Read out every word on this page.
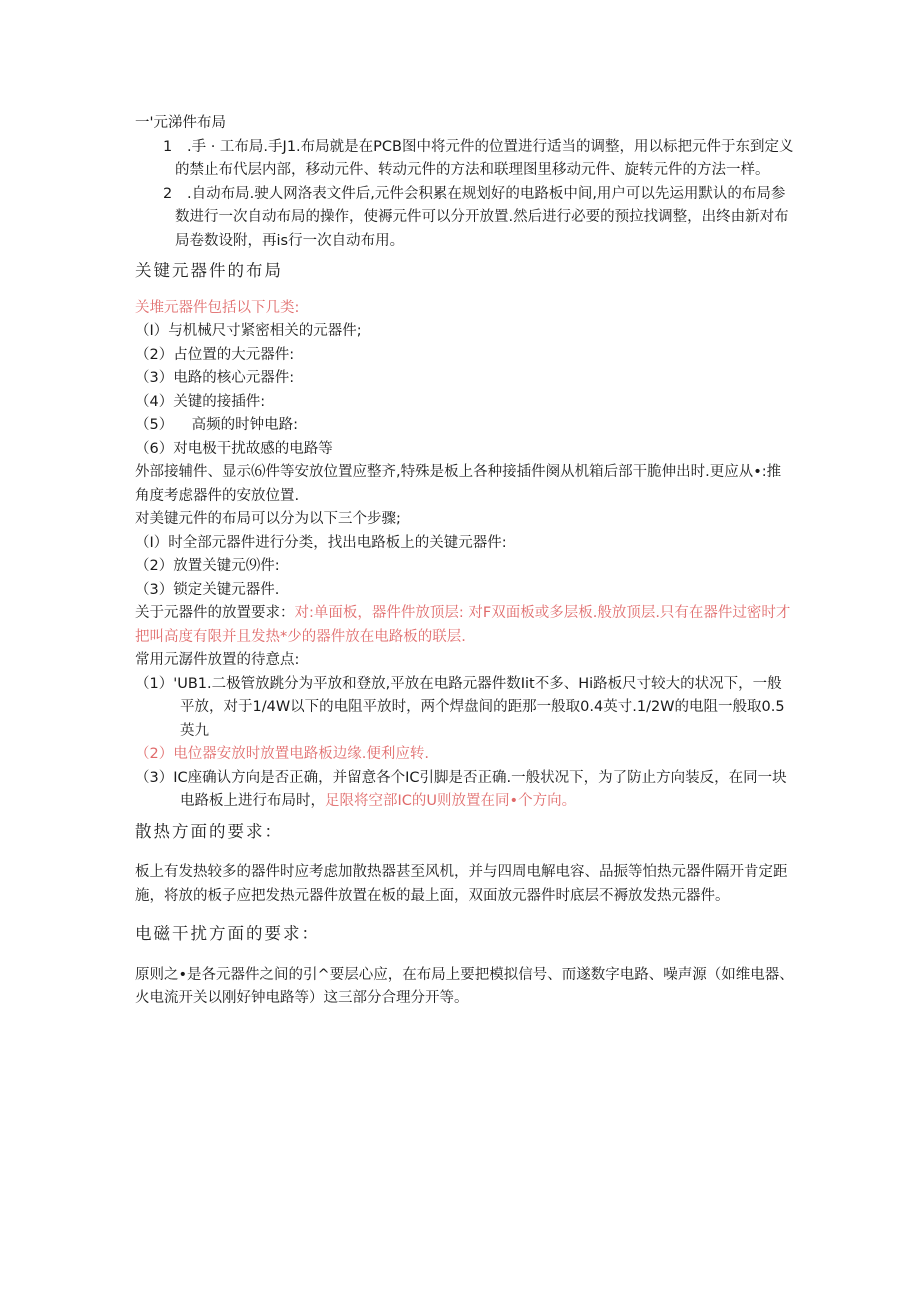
一'元涕件布局

1 .手 · 工布局.手J1.布局就是在PCB图中将元件的位置进行适当的调整，用以标把元件于东到定义的禁止布代层内部，移动元件、转动元件的方法和联理图里移动元件、旋转元件的方法一样。

2 .自动布局.驶人网洛表文件后,元件会积累在规划好的电路板中间,用户可以先运用默认的布局参数进行一次自动布局的操作，使褥元件可以分开放置.然后进行必要的预拉找调整，出终由新对布局卷数设附，再is行一次自动布用。

关键元器件的布局

关堆元器件包括以下几类:

（I）与机械尺寸紧密相关的元器件;

（2）占位置的大元器件:

（3）电路的核心元器件:

（4）关键的接插件:

（5）    高频的时钟电路:

（6）对电极干扰故感的电路等

外部接辅件、显示⑹件等安放位置应整齐,特殊是板上各种接插件阕从机箱后部干脆伸出时.更应从•:推角度考虑器件的安放位置.

对美键元件的布局可以分为以下三个步骤;

（I）时全部元器件进行分类，找出电路板上的关键元器件:

（2）放置关键元⑼件:

（3）锁定关键元器件.

关于元器件的放置要求：对:单面板，器件件放顶层: 对F双面板或多层板.般放顶层.只有在器件过密时才把叫高度有限并且发热*少的器件放在电路板的联层.

常用元潺件放置的待意点:

（1）'UB1.二极管放跳分为平放和登放,平放在电路元器件数Iit不多、Hi路板尺寸较大的状况下，一般平放，对于1/4W以下的电阻平放时，两个焊盘间的距那一般取0.4英寸.1/2W的电阻一般取0.5英九

（2）电位器安放时放置电路板边缘.便利应转.

（3）IC座确认方向是否正确，并留意各个IC引脚是否正确.一般状况下，为了防止方向装反，在同一块电路板上进行布局时，足限将空部IC的U则放置在同•个方向。

散热方面的要求：

板上有发热较多的器件时应考虑加散热器甚至风机，并与四周电解电容、品振等怕热元器件隔开肯定距施，将放的板子应把发热元器件放置在板的最上面，双面放元器件时底层不褥放发热元器件。

电磁干扰方面的要求：

原则之•是各元器件之间的引^要层心应，在布局上要把模拟信号、而遂数字电路、噪声源（如维电器、火电流开关以刚好钟电路等）这三部分合理分开等。
